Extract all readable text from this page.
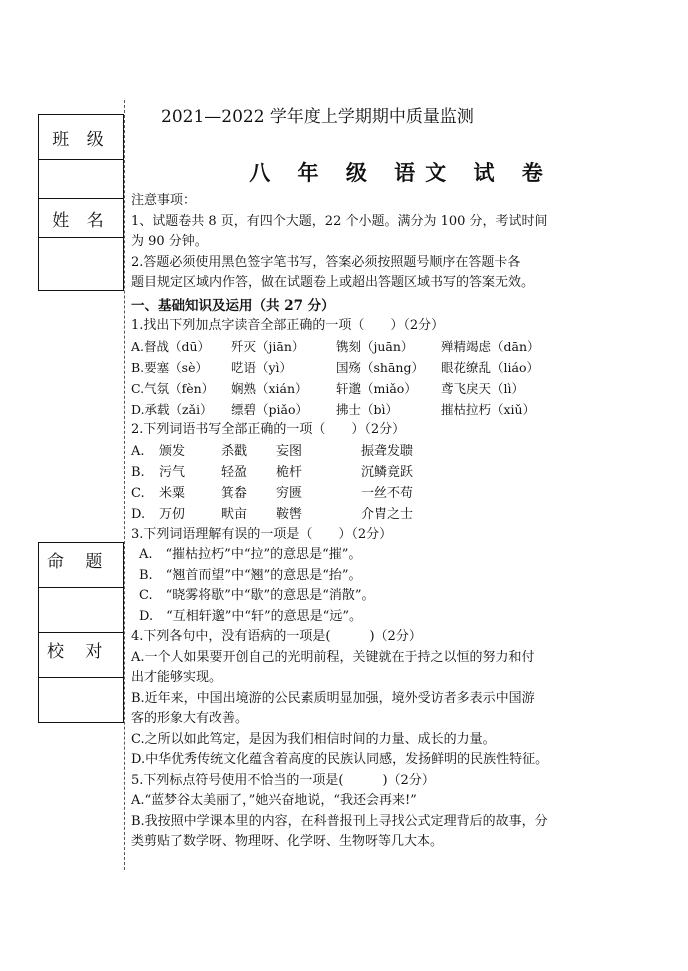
班 级

姓 名

命 题

校 对

2021—2022 学年度上学期期中质量监测
八 年 级 语文 试 卷

注意事项：

1、试题卷共 8 页，有四个大题，22 个小题。满分为 100 分，考试时间

为 90 分钟。

2.答题必须使用黑色签字笔书写，答案必须按照题号顺序在答题卡各

题目规定区域内作答，做在试题卷上或超出答题区域书写的答案无效。

一、基础知识及运用（共 27 分）

1.找出下列加点字读音全部正确的一项（　　）（2分）

A.督战（dū）	歼灭（jiān）	镌刻（juān）	殚精竭虑（dān）
B.要塞（sè）	呓语（yì）	国殇（shāng）	眼花缭乱（liáo）
C.气氛（fèn）	娴熟（xián）	轩邈（miǎo）	鸢飞戾天（lì）
D.承载（zǎi）	缥碧（piǎo）	拂士（bì）	摧枯拉朽（xiǔ）

2.下列词语书写全部正确的一项（　　）（2分）

A.	颁发	杀戳	妄图	振聋发聩
B.	污气	轻盈	桅杆	沉鳞竟跃
C.	米粟	箕畚	穷匮	一丝不苟
D.	万仞	畎亩	鞍辔	介胄之士

3.下列词语理解有误的一项是（　　）（2分）

A.　“摧枯拉朽”中“拉”的意思是“摧”。

B.　“翘首而望”中“翘”的意思是“抬”。

C.　“晓雾将歇”中“歇”的意思是“消散”。

D.　“互相轩邈”中“轩”的意思是“远”。

4.下列各句中，没有语病的一项是(　　　)（2分）

A.一个人如果要开创自己的光明前程，关键就在于持之以恒的努力和付

出才能够实现。

B.近年来，中国出境游的公民素质明显加强，境外受访者多表示中国游

客的形象大有改善。

C.之所以如此笃定，是因为我们相信时间的力量、成长的力量。

D.中华优秀传统文化蕴含着高度的民族认同感，发扬鲜明的民族性特征。

5.下列标点符号使用不恰当的一项是(　　　)（2分）

A.“蓝梦谷太美丽了，”她兴奋地说，“我还会再来!”

B.我按照中学课本里的内容，在科普报刊上寻找公式定理背后的故事，分

类剪贴了数学呀、物理呀、化学呀、生物呀等几大本。
